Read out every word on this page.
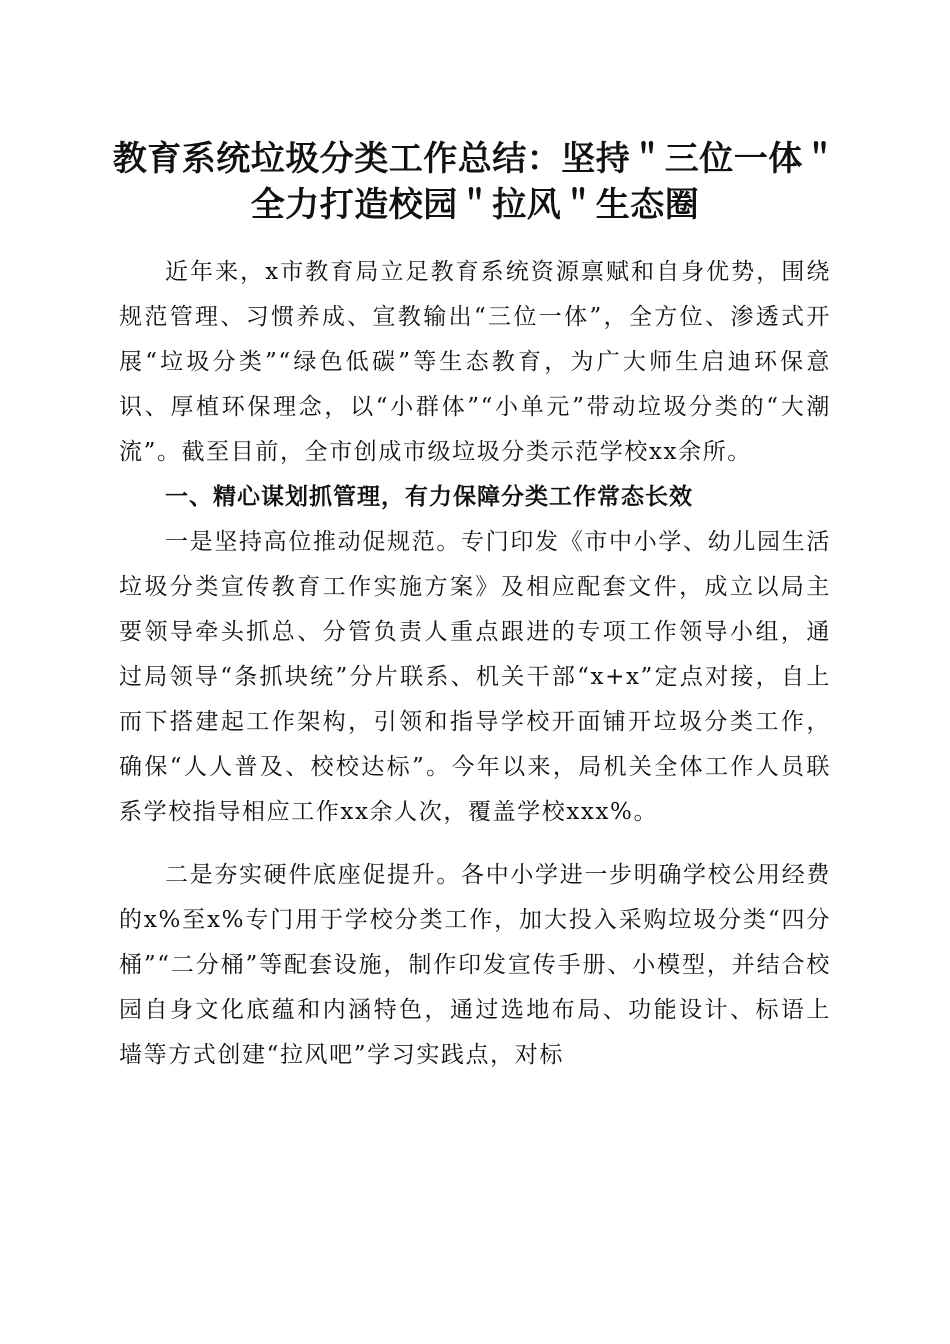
教育系统垃圾分类工作总结：坚持＂三位一体＂全力打造校园＂拉风＂生态圈

近年来，x市教育局立足教育系统资源禀赋和自身优势，围绕规范管理、习惯养成、宣教输出“三位一体”，全方位、渗透式开展“垃圾分类”“绿色低碳”等生态教育，为广大师生启迪环保意识、厚植环保理念，以“小群体”“小单元”带动垃圾分类的“大潮流”。截至目前，全市创成市级垃圾分类示范学校xx余所。

一、精心谋划抓管理，有力保障分类工作常态长效

一是坚持高位推动促规范。专门印发《市中小学、幼儿园生活垃圾分类宣传教育工作实施方案》及相应配套文件，成立以局主要领导牵头抓总、分管负责人重点跟进的专项工作领导小组，通过局领导“条抓块统”分片联系、机关干部“x+x”定点对接，自上而下搭建起工作架构，引领和指导学校开面铺开垃圾分类工作，确保“人人普及、校校达标”。今年以来，局机关全体工作人员联系学校指导相应工作xx余人次，覆盖学校xxx%。

二是夯实硬件底座促提升。各中小学进一步明确学校公用经费的x%至x%专门用于学校分类工作，加大投入采购垃圾分类“四分桶”“二分桶”等配套设施，制作印发宣传手册、小模型，并结合校园自身文化底蕴和内涵特色，通过选地布局、功能设计、标语上墙等方式创建“拉风吧”学习实践点，对标
